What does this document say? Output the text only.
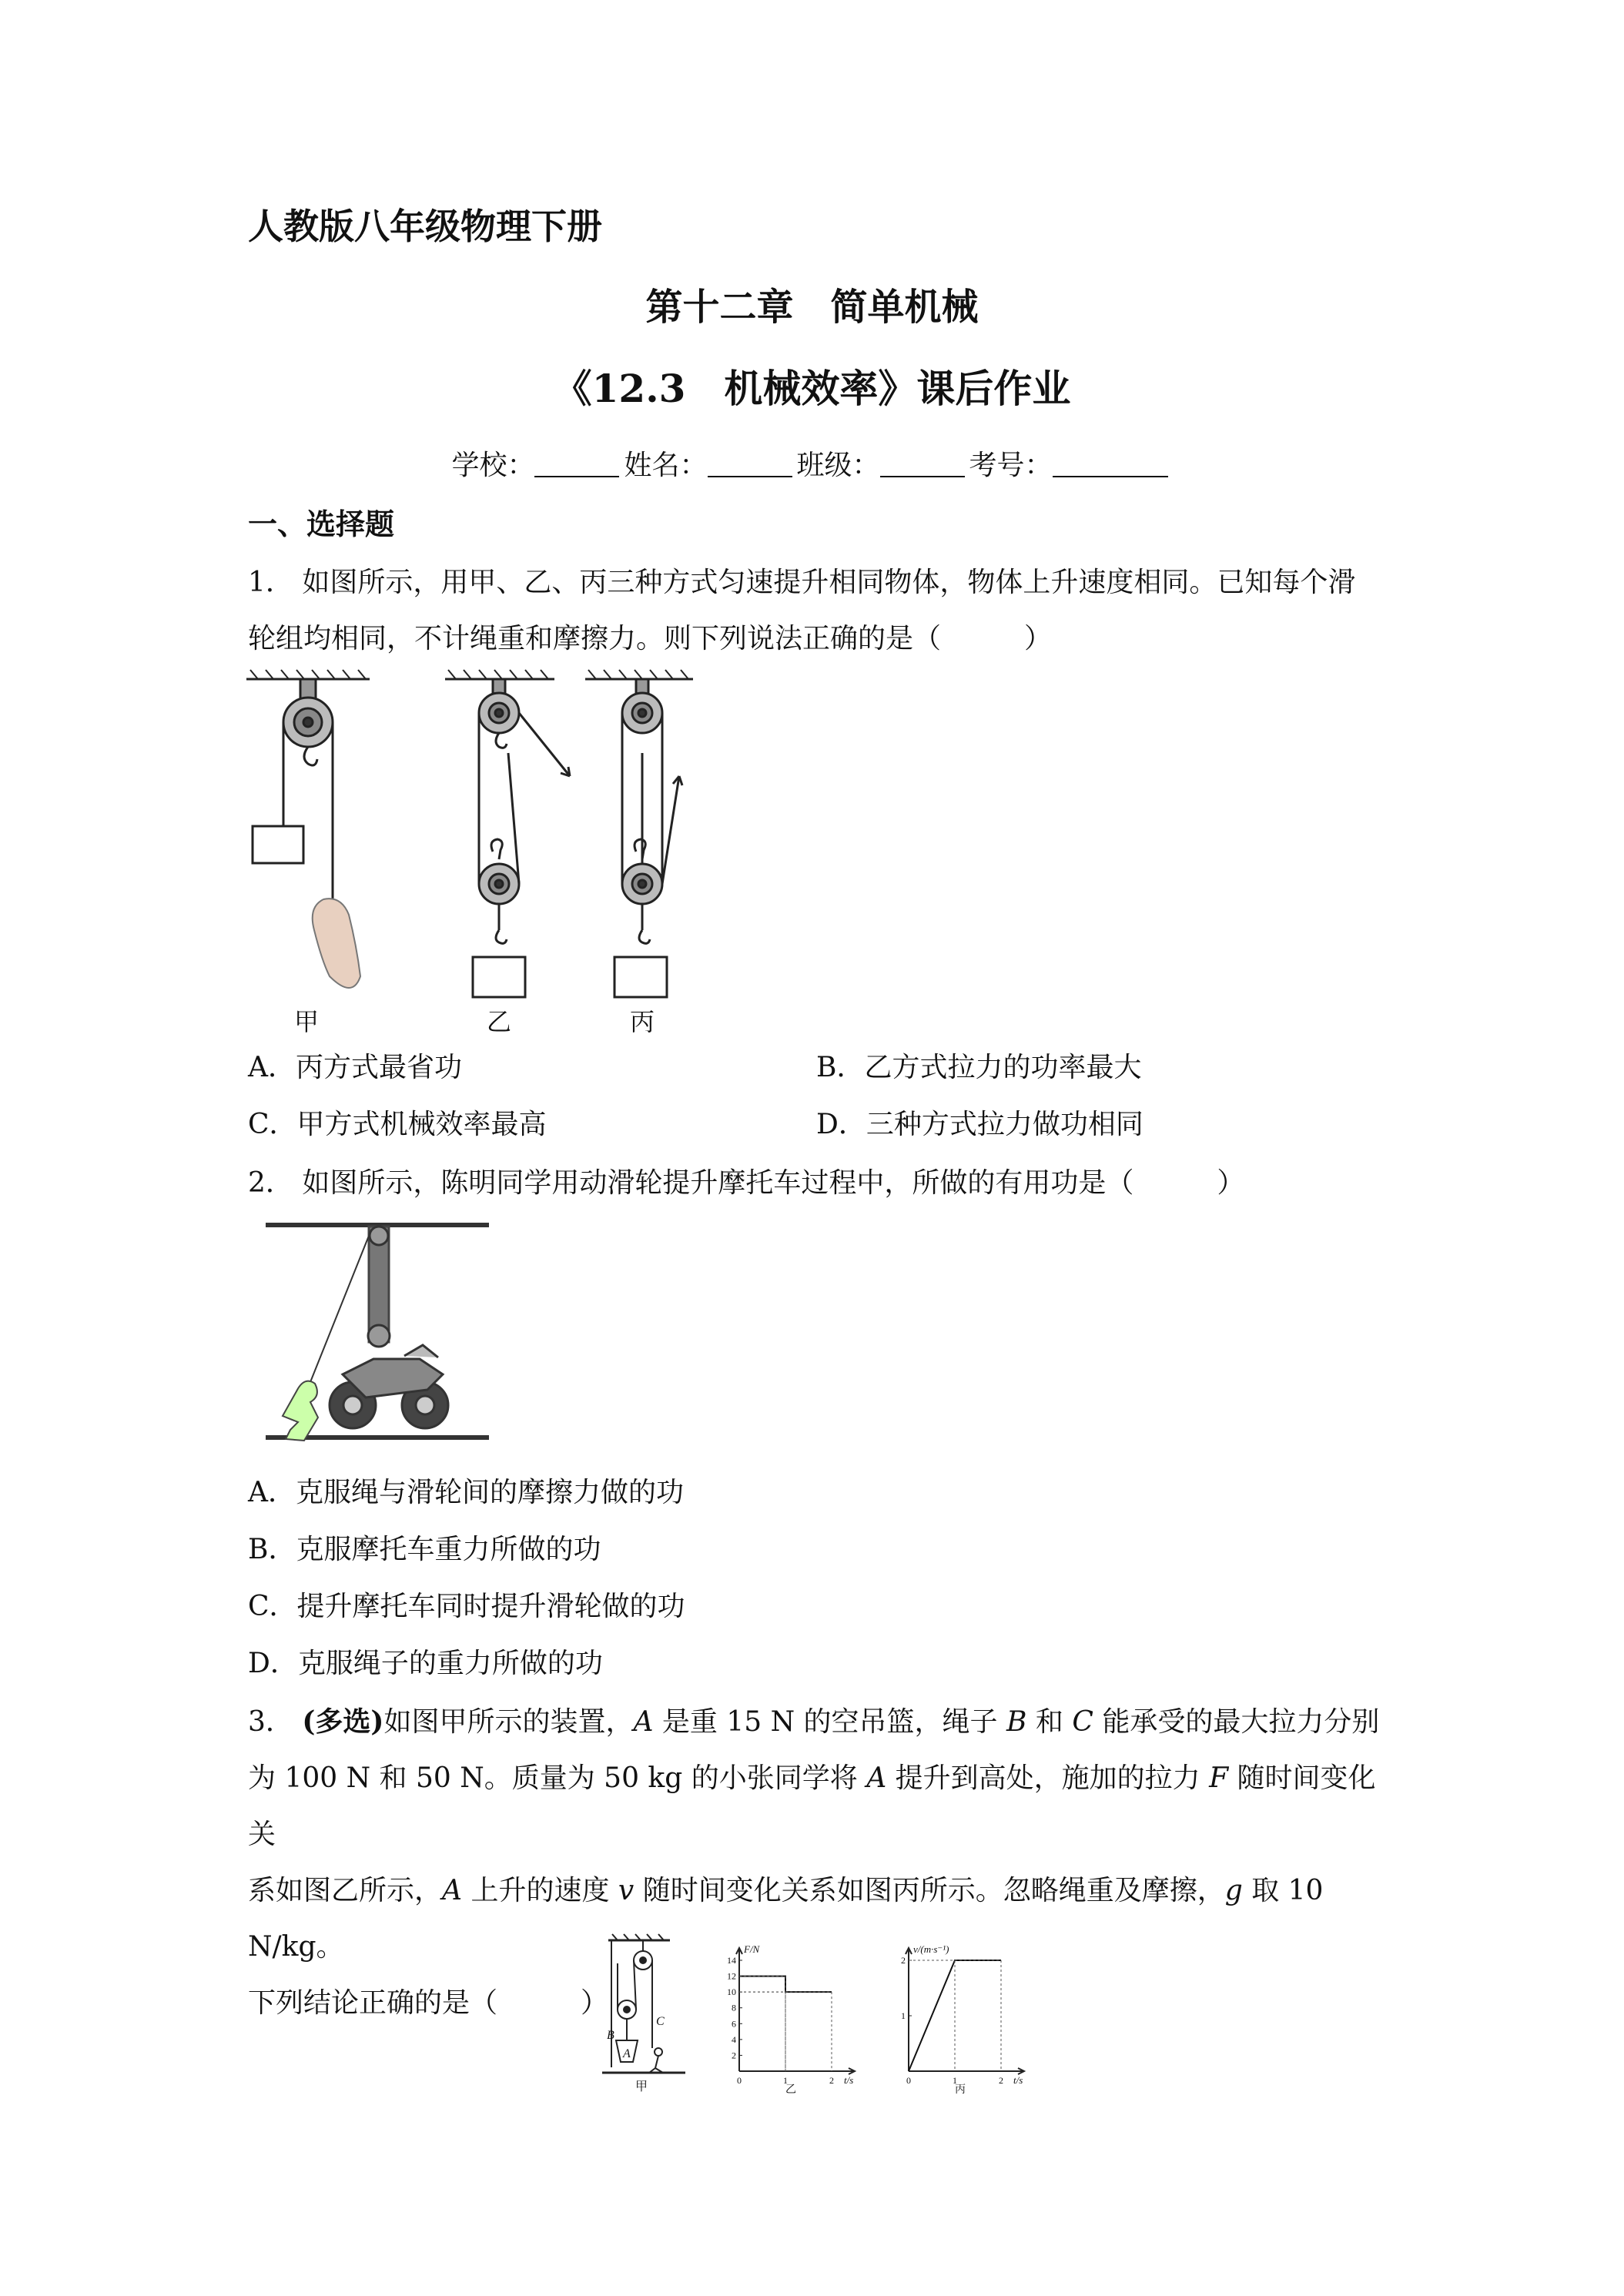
人教版八年级物理下册
第十二章　简单机械
《12.3　机械效率》课后作业
学校：	姓名：	班级：	考号：
一、选择题
1． 如图所示，用甲、乙、丙三种方式匀速提升相同物体，物体上升速度相同。已知每个滑
轮组均相同，不计绳重和摩擦力。则下列说法正确的是（　　　）
甲	乙	丙
A．丙方式最省功	B．乙方式拉力的功率最大
C．甲方式机械效率最高	D．三种方式拉力做功相同
2． 如图所示，陈明同学用动滑轮提升摩托车过程中，所做的有用功是（　　　）
A．克服绳与滑轮间的摩擦力做的功
B．克服摩托车重力所做的功
C．提升摩托车同时提升滑轮做的功
D．克服绳子的重力所做的功
3． (多选)如图甲所示的装置，A 是重 15 N 的空吊篮，绳子 B 和 C 能承受的最大拉力分别
为 100 N 和 50 N。质量为 50 kg 的小张同学将 A 提升到高处，施加的拉力 F 随时间变化关
系如图乙所示，A 上升的速度 v 随时间变化关系如图丙所示。忽略绳重及摩擦，g 取 10 N/kg。
下列结论正确的是（　　　）
B
A
C
甲
F/N
t/s
2
4
6
8
10
12
14
0	1	2
乙
v/(m·s⁻¹)
t/s
1
2
0	1	2
丙
